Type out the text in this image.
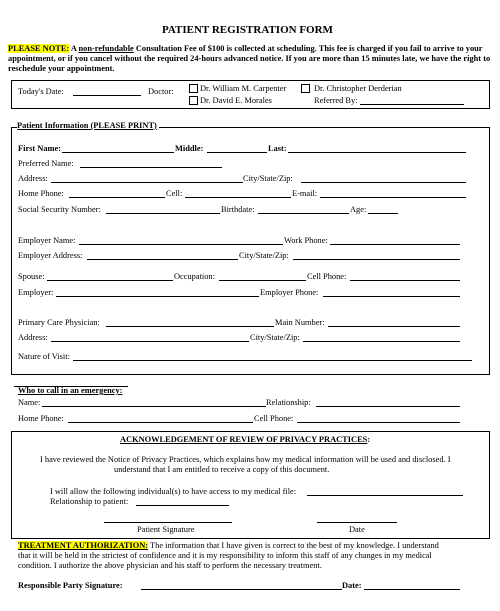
PATIENT REGISTRATION FORM
PLEASE NOTE: A non-refundable Consultation Fee of $100 is collected at scheduling. This fee is charged if you fail to arrive to your
appointment, or if you cancel without the required 24-hours advanced notice. If you are more than 15 minutes late, we have the right to
reschedule your appointment.
Today's Date:	Doctor:	Dr. William M. Carpenter	Dr. Christopher Derderian
Dr. David E. Morales	Referred By:
Patient Information (PLEASE PRINT)
First Name:	Middle:	Last:
Preferred Name:
Address:	City/State/Zip:
Home Phone:	Cell:	E-mail:
Social Security Number:	Birthdate:	Age:
Employer Name:	Work Phone:
Employer Address:	City/State/Zip:
Spouse:	Occupation:	Cell Phone:
Employer:	Employer Phone:
Primary Care Physician:	Main Number:
Address:	City/State/Zip:
Nature of Visit:
Who to call in an emergency:
Name:	Relationship:
Home Phone:	Cell Phone:
ACKNOWLEDGEMENT OF REVIEW OF PRIVACY PRACTICES:
I have reviewed the Notice of Privacy Practices, which explains how my medical information will be used and disclosed. I
understand that I am entitled to receive a copy of this document.
I will allow the following individual(s) to have access to my medical file:
Relationship to patient:
Patient Signature	Date
TREATMENT AUTHORIZATION: The information that I have given is correct to the best of my knowledge. I understand
that it will be held in the strictest of confidence and it is my responsibility to inform this staff of any changes in my medical
condition. I authorize the above physician and his staff to perform the necessary treatment.
Responsible Party Signature:	Date:
